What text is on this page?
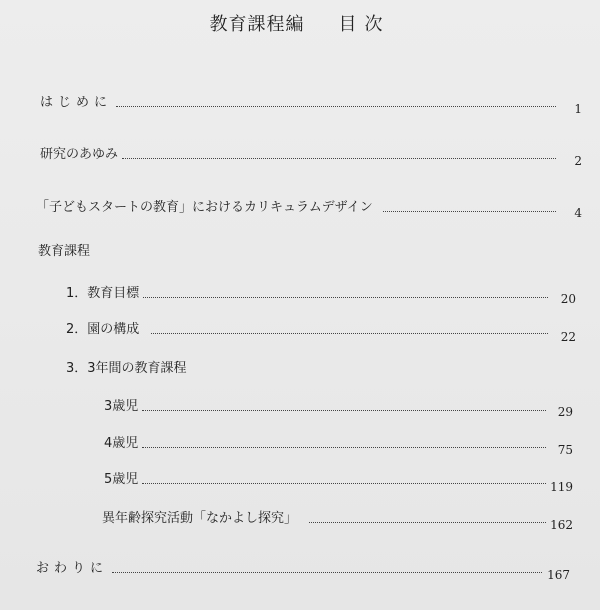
教育課程編 目次
はじめに	1
研究のあゆみ	2
「子どもスタートの教育」におけるカリキュラムデザイン	4
教育課程
1．教育目標	20
2．園の構成	22
3．3年間の教育課程
3歳児	29
4歳児	75
5歳児	119
異年齢探究活動「なかよし探究」	162
おわりに	167
